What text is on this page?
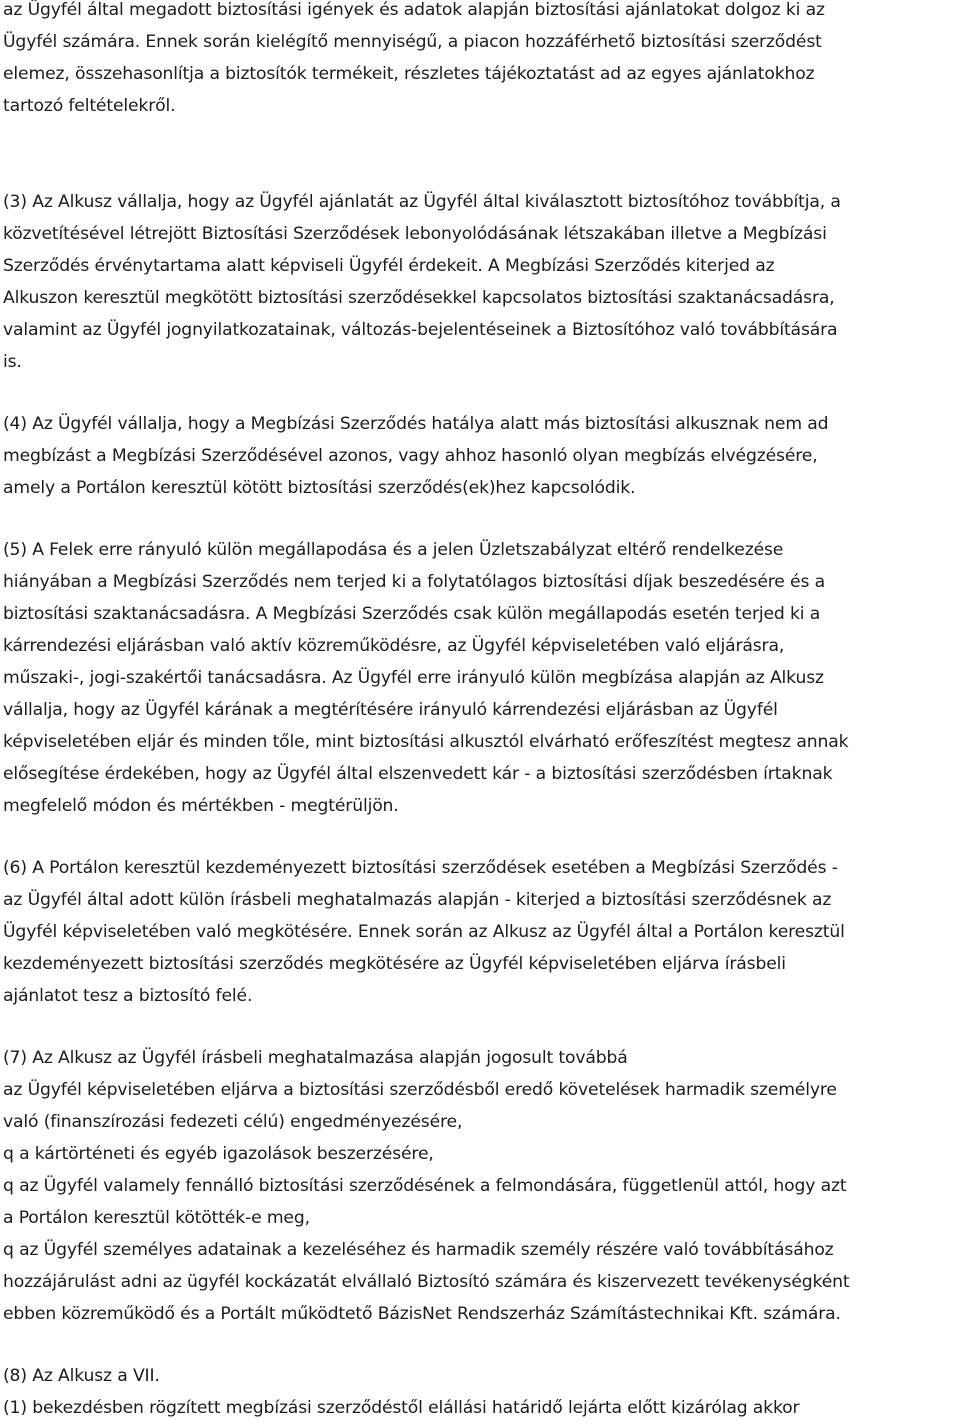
az Ügyfél által megadott biztosítási igények és adatok alapján biztosítási ajánlatokat dolgoz ki az
Ügyfél számára. Ennek során kielégítő mennyiségű, a piacon hozzáférhető biztosítási szerződést
elemez, összehasonlítja a biztosítók termékeit, részletes tájékoztatást ad az egyes ajánlatokhoz
tartozó feltételekről.
(3) Az Alkusz vállalja, hogy az Ügyfél ajánlatát az Ügyfél által kiválasztott biztosítóhoz továbbítja, a
közvetítésével létrejött Biztosítási Szerződések lebonyolódásának létszakában illetve a Megbízási
Szerződés érvénytartama alatt képviseli Ügyfél érdekeit. A Megbízási Szerződés kiterjed az
Alkuszon keresztül megkötött biztosítási szerződésekkel kapcsolatos biztosítási szaktanácsadásra,
valamint az Ügyfél jognyilatkozatainak, változás-bejelentéseinek a Biztosítóhoz való továbbítására
is.
(4) Az Ügyfél vállalja, hogy a Megbízási Szerződés hatálya alatt más biztosítási alkusznak nem ad
megbízást a Megbízási Szerződésével azonos, vagy ahhoz hasonló olyan megbízás elvégzésére,
amely a Portálon keresztül kötött biztosítási szerződés(ek)hez kapcsolódik.
(5) A Felek erre rányuló külön megállapodása és a jelen Üzletszabályzat eltérő rendelkezése
hiányában a Megbízási Szerződés nem terjed ki a folytatólagos biztosítási díjak beszedésére és a
biztosítási szaktanácsadásra. A Megbízási Szerződés csak külön megállapodás esetén terjed ki a
kárrendezési eljárásban való aktív közreműködésre, az Ügyfél képviseletében való eljárásra,
műszaki-, jogi-szakértői tanácsadásra. Az Ügyfél erre irányuló külön megbízása alapján az Alkusz
vállalja, hogy az Ügyfél kárának a megtérítésére irányuló kárrendezési eljárásban az Ügyfél
képviseletében eljár és minden tőle, mint biztosítási alkusztól elvárható erőfeszítést megtesz annak
elősegítése érdekében, hogy az Ügyfél által elszenvedett kár - a biztosítási szerződésben írtaknak
megfelelő módon és mértékben - megtérüljön.
(6) A Portálon keresztül kezdeményezett biztosítási szerződések esetében a Megbízási Szerződés -
az Ügyfél által adott külön írásbeli meghatalmazás alapján - kiterjed a biztosítási szerződésnek az
Ügyfél képviseletében való megkötésére. Ennek során az Alkusz az Ügyfél által a Portálon keresztül
kezdeményezett biztosítási szerződés megkötésére az Ügyfél képviseletében eljárva írásbeli
ajánlatot tesz a biztosító felé.
(7) Az Alkusz az Ügyfél írásbeli meghatalmazása alapján jogosult továbbá
az Ügyfél képviseletében eljárva a biztosítási szerződésből eredő követelések harmadik személyre
való (finanszírozási fedezeti célú) engedményezésére,
q a kártörténeti és egyéb igazolások beszerzésére,
q az Ügyfél valamely fennálló biztosítási szerződésének a felmondására, függetlenül attól, hogy azt
a Portálon keresztül kötötték-e meg,
q az Ügyfél személyes adatainak a kezeléséhez és harmadik személy részére való továbbításához
hozzájárulást adni az ügyfél kockázatát elvállaló Biztosító számára és kiszervezett tevékenységként
ebben közreműködő és a Portált működtető BázisNet Rendszerház Számítástechnikai Kft. számára.
(8) Az Alkusz a VII.
(1) bekezdésben rögzített megbízási szerződéstől elállási határidő lejárta előtt kizárólag akkor
